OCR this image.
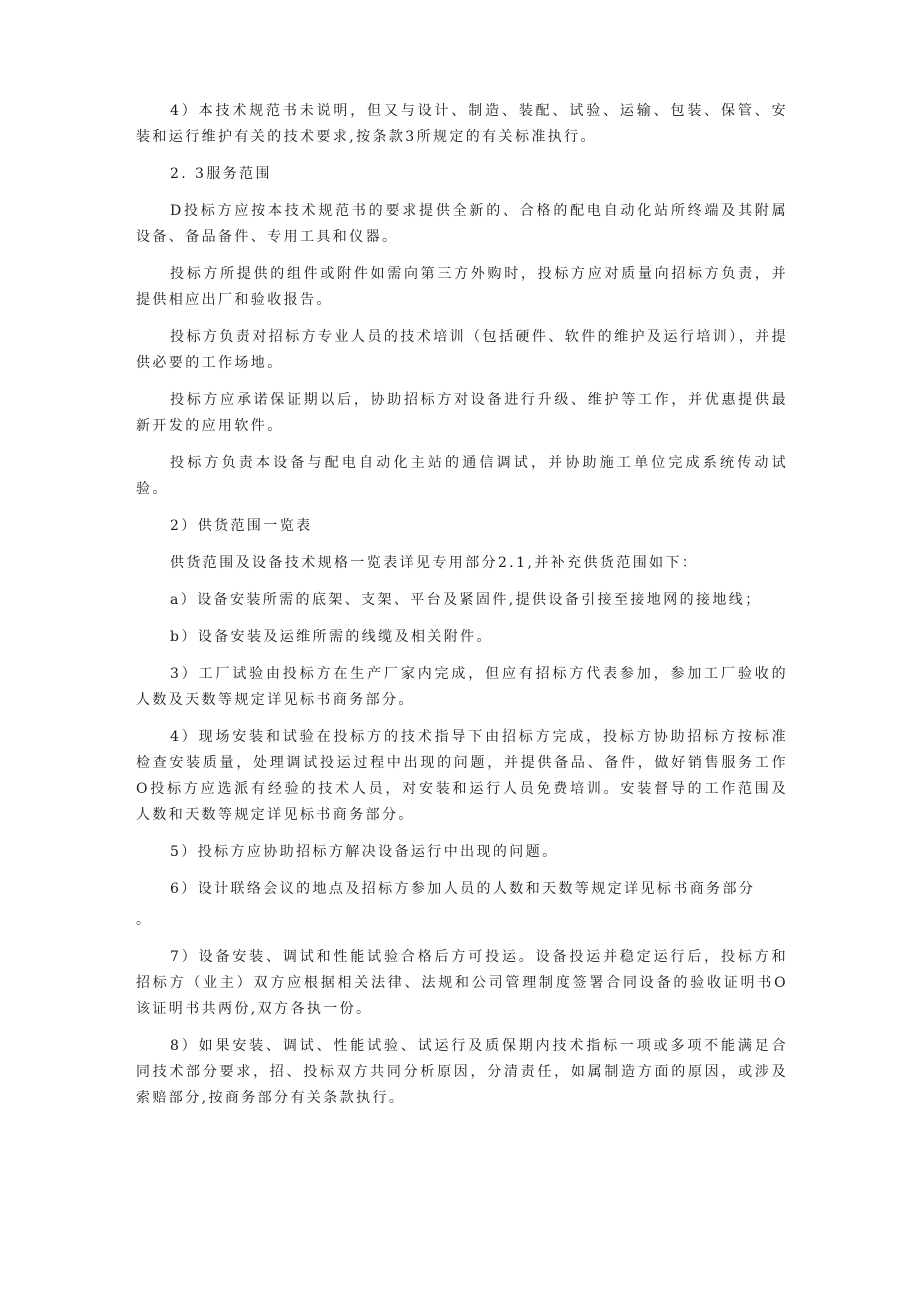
4）本技术规范书未说明，但又与设计、制造、装配、试验、运输、包装、保管、安装和运行维护有关的技术要求,按条款3所规定的有关标准执行。

2. 3服务范围

D投标方应按本技术规范书的要求提供全新的、合格的配电自动化站所终端及其附属设备、备品备件、专用工具和仪器。

投标方所提供的组件或附件如需向第三方外购时，投标方应对质量向招标方负责，并提供相应出厂和验收报告。

投标方负责对招标方专业人员的技术培训（包括硬件、软件的维护及运行培训），并提供必要的工作场地。

投标方应承诺保证期以后，协助招标方对设备进行升级、维护等工作，并优惠提供最新开发的应用软件。

投标方负责本设备与配电自动化主站的通信调试，并协助施工单位完成系统传动试验。

2）供货范围一览表

供货范围及设备技术规格一览表详见专用部分2.1,并补充供货范围如下：

a）设备安装所需的底架、支架、平台及紧固件,提供设备引接至接地网的接地线；

b）设备安装及运维所需的线缆及相关附件。

3）工厂试验由投标方在生产厂家内完成，但应有招标方代表参加，参加工厂验收的人数及天数等规定详见标书商务部分。

4）现场安装和试验在投标方的技术指导下由招标方完成，投标方协助招标方按标准检查安装质量，处理调试投运过程中出现的问题，并提供备品、备件，做好销售服务工作O投标方应选派有经验的技术人员，对安装和运行人员免费培训。安装督导的工作范围及人数和天数等规定详见标书商务部分。

5）投标方应协助招标方解决设备运行中出现的问题。

6）设计联络会议的地点及招标方参加人员的人数和天数等规定详见标书商务部分

。

7）设备安装、调试和性能试验合格后方可投运。设备投运并稳定运行后，投标方和招标方（业主）双方应根据相关法律、法规和公司管理制度签署合同设备的验收证明书O该证明书共两份,双方各执一份。

8）如果安装、调试、性能试验、试运行及质保期内技术指标一项或多项不能满足合同技术部分要求，招、投标双方共同分析原因，分清责任，如属制造方面的原因，或涉及索赔部分,按商务部分有关条款执行。
